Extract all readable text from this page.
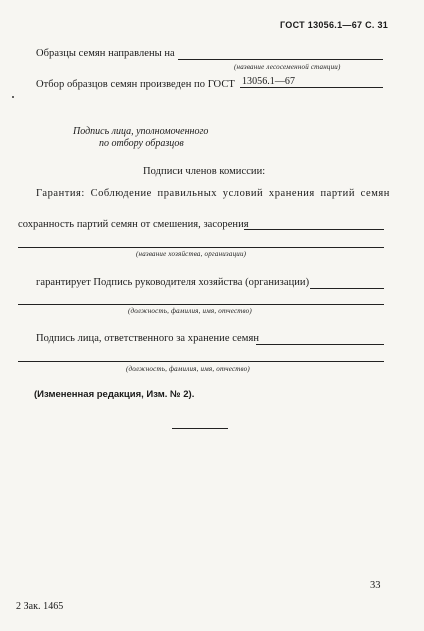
ГОСТ 13056.1—67 С. 31
Образцы семян направлены на
(название лесосеменной станции)
Отбор образцов семян произведен по ГОСТ 13056.1—67
Подпись лица, уполномоченного
по отбору образцов
Подписи членов комиссии:
Гарантия: Соблюдение правильных условий хранения партий семян
сохранность партий семян от смешения, засорения
(название хозяйства, организации)
гарантирует Подпись руководителя хозяйства (организации)
(должность, фамилия, имя, отчество)
Подпись лица, ответственного за хранение семян
(должность, фамилия, имя, отчество)
(Измененная редакция, Изм. № 2).
33
2 Зак. 1465
